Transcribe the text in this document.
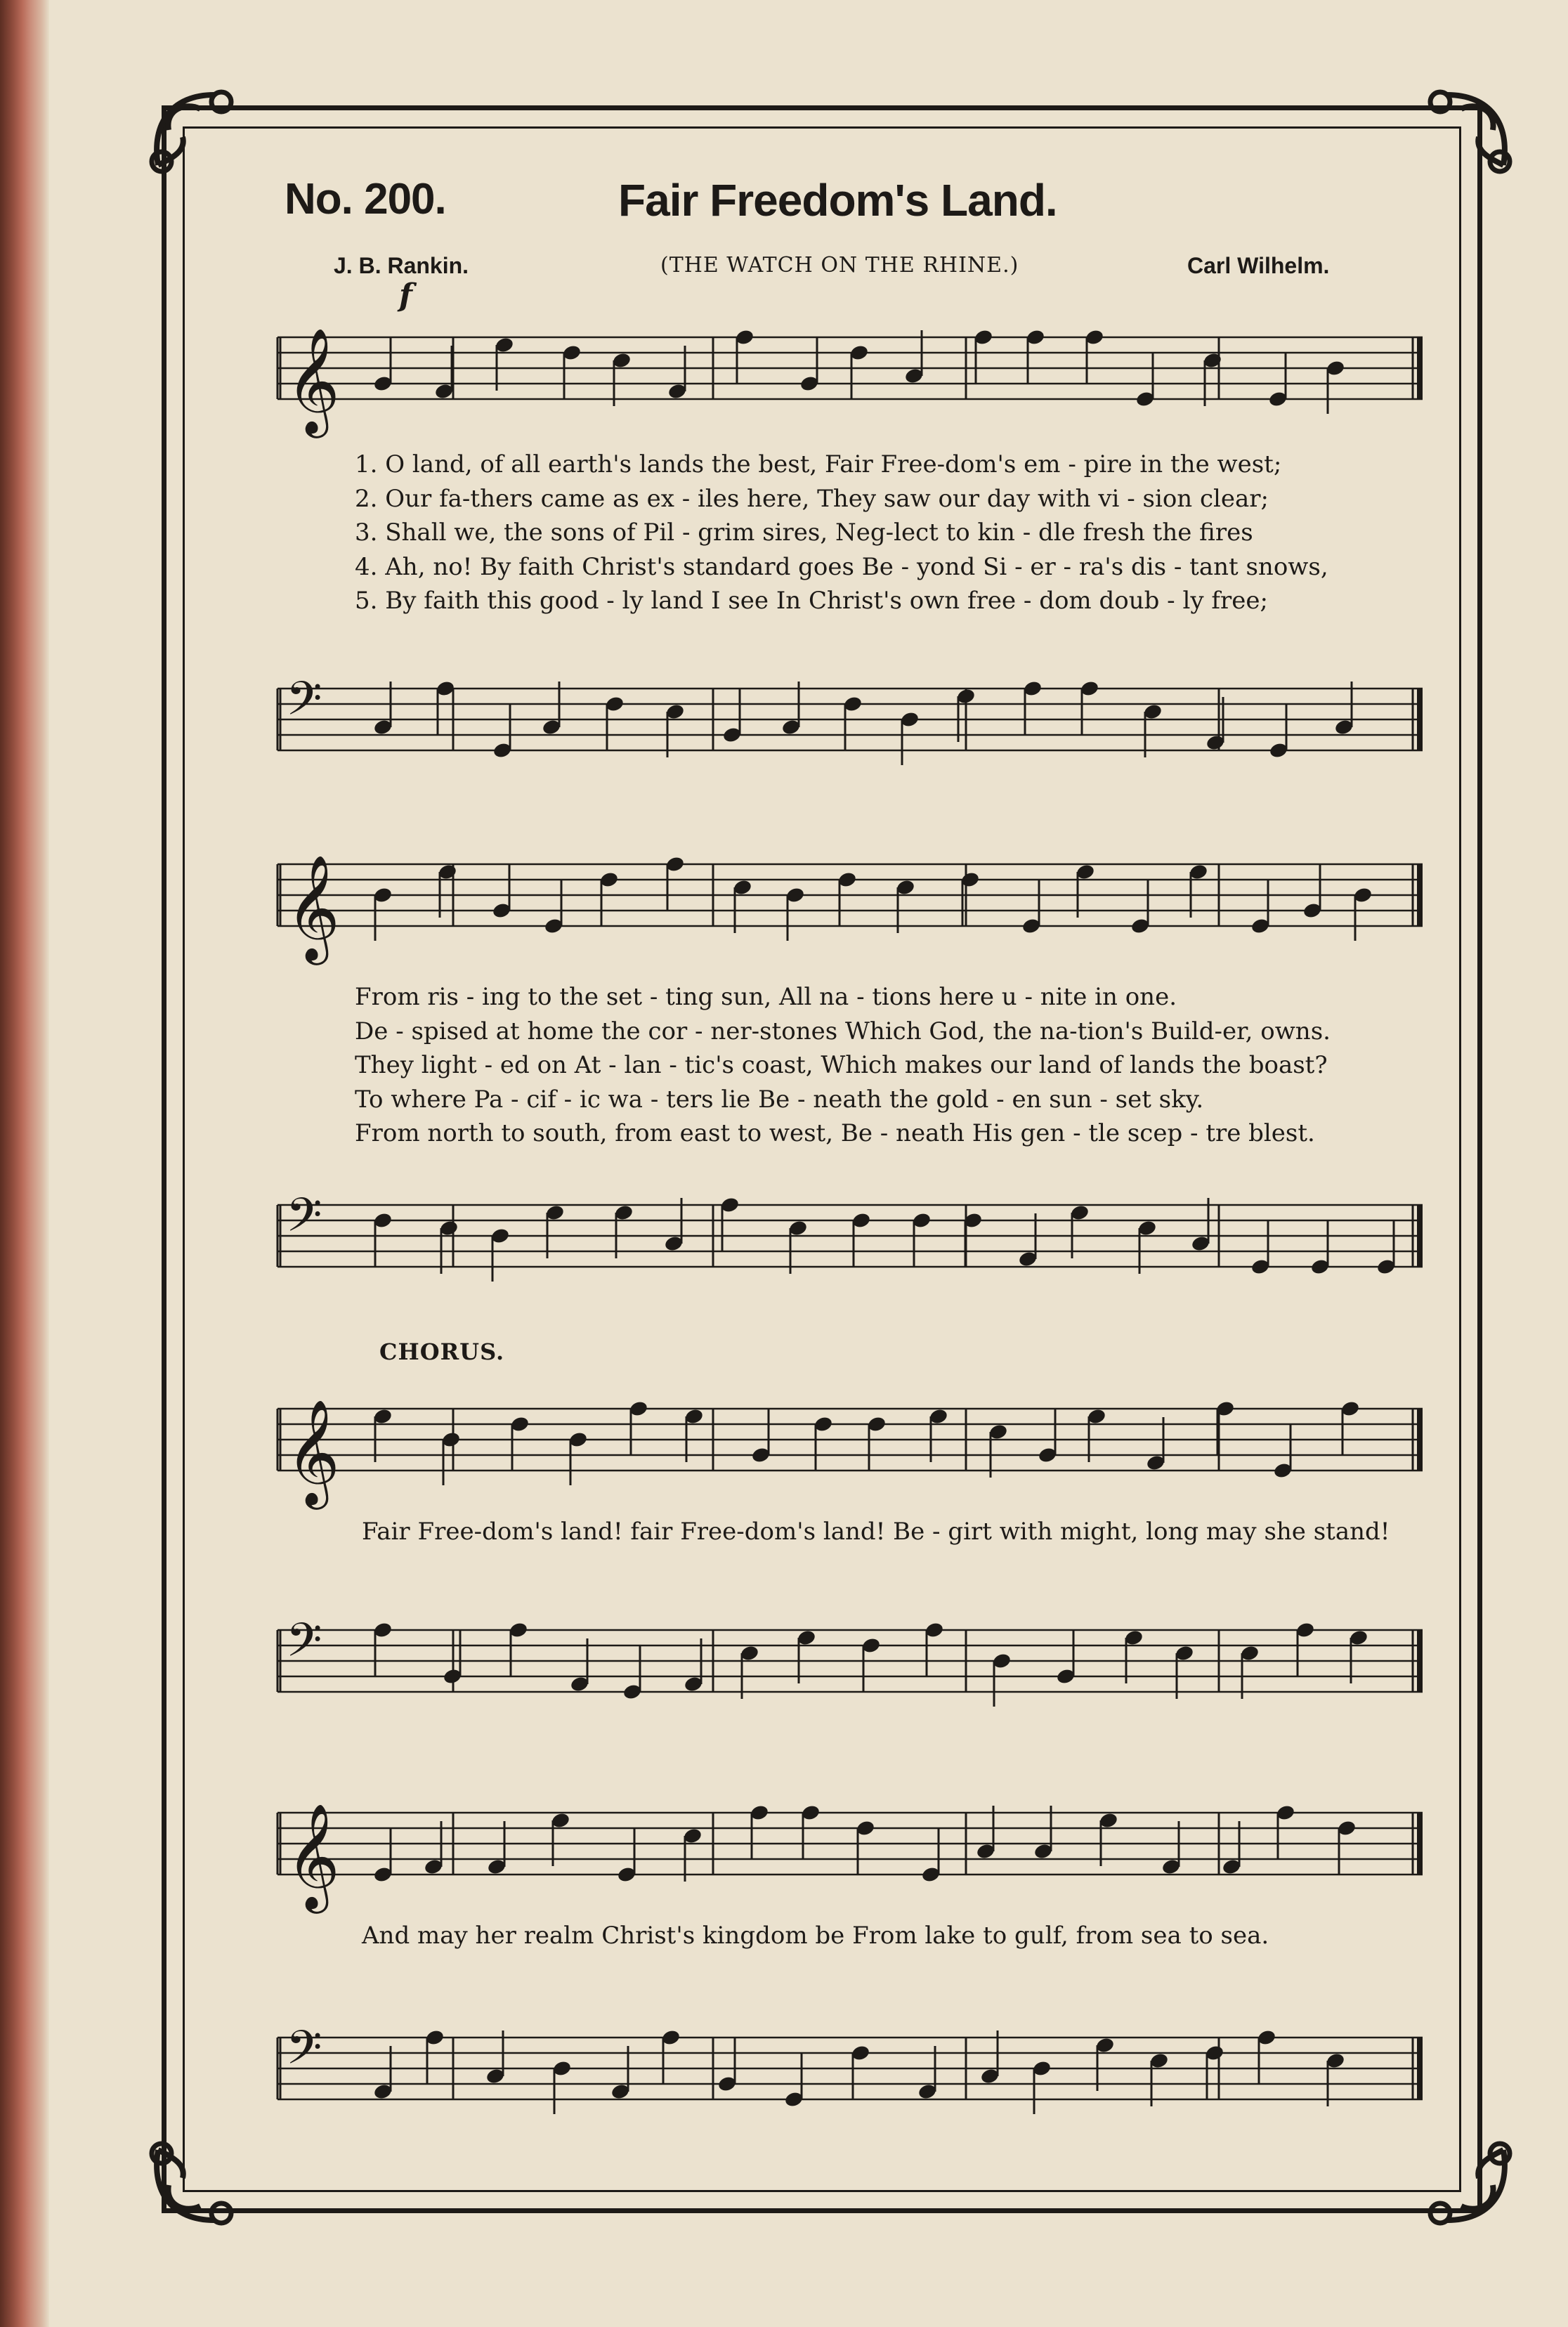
No. 200.	Fair Freedom's Land.
J. B. Rankin.	(THE WATCH ON THE RHINE.)	Carl Wilhelm.
f
𝄞
𝄢
1. O land, of all earth's lands the best, Fair Free-dom's em - pire in the west;
2. Our fa-thers came as ex - iles here, They saw our day with vi - sion clear;
3. Shall we, the sons of Pil - grim sires, Neg-lect to kin - dle fresh the fires
4. Ah, no! By faith Christ's standard goes Be - yond Si - er - ra's dis - tant snows,
5. By faith this good - ly land I see In Christ's own free - dom doub - ly free;
𝄞
𝄢
From ris - ing to the set - ting sun, All na - tions here u - nite in one.
De - spised at home the cor - ner-stones Which God, the na-tion's Build-er, owns.
They light - ed on At - lan - tic's coast, Which makes our land of lands the boast?
To where Pa - cif - ic wa - ters lie Be - neath the gold - en sun - set sky.
From north to south, from east to west, Be - neath His gen - tle scep - tre blest.
CHORUS.
𝄞
Fair Free-dom's land! fair Free-dom's land! Be - girt with might, long may she stand!
𝄢
𝄞
And may her realm Christ's kingdom be From lake to gulf, from sea to sea.
𝄢
